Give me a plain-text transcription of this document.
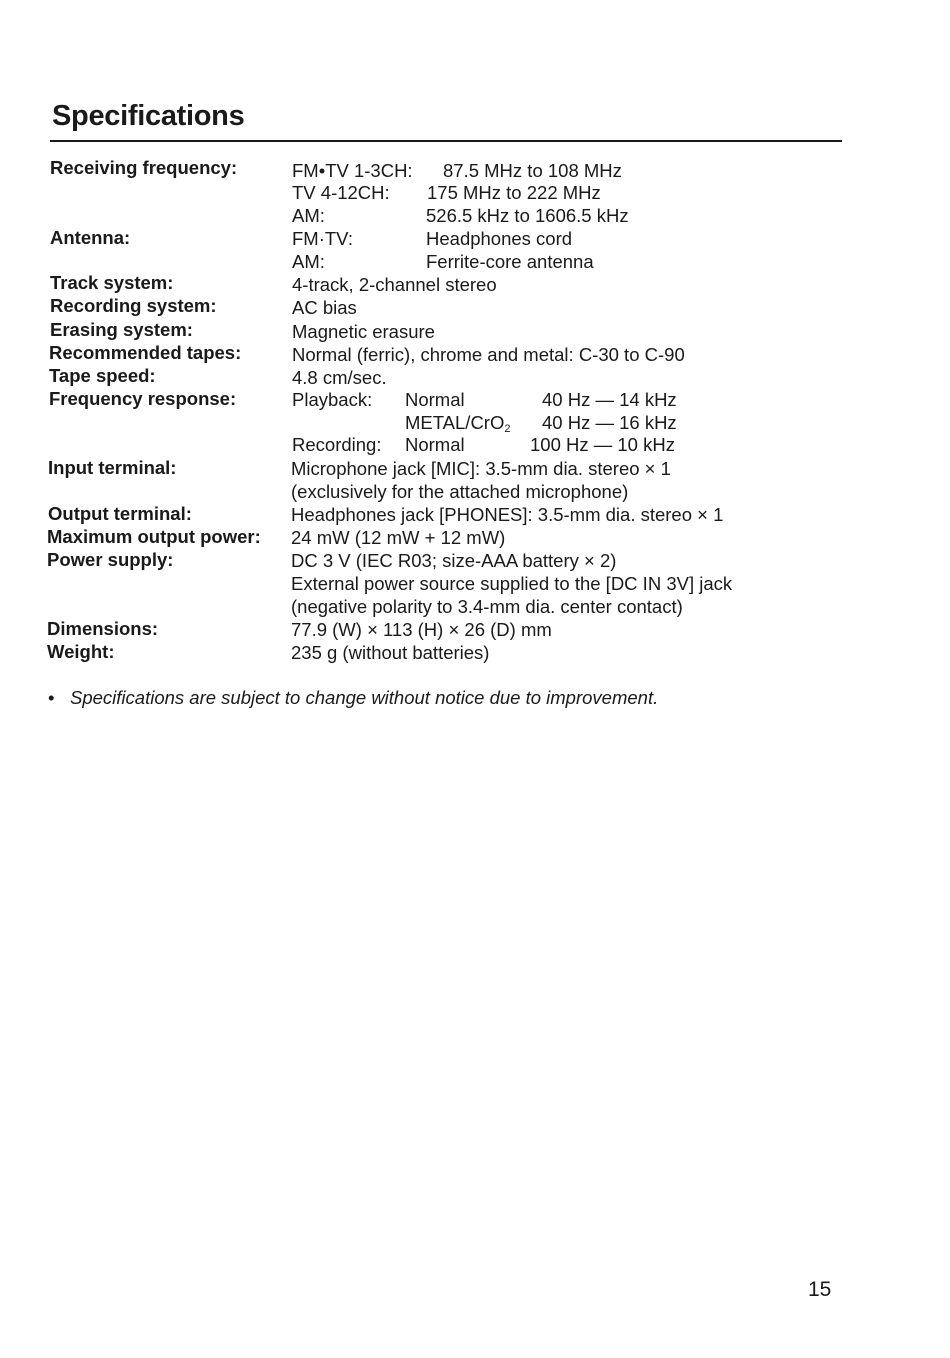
Specifications
Receiving frequency:	FM•TV 1-3CH: 87.5 MHz to 108 MHz
TV 4-12CH: 175 MHz to 222 MHz
AM:	526.5 kHz to 1606.5 kHz
Antenna:	FM·TV:	Headphones cord
AM:	Ferrite-core antenna
Track system:	4-track, 2-channel stereo
Recording system:	AC bias
Erasing system:	Magnetic erasure
Recommended tapes:	Normal (ferric), chrome and metal: C-30 to C-90
Tape speed:	4.8 cm/sec.
Frequency response:	Playback: Normal	40 Hz — 14 kHz
METAL/CrO$_2$ 40 Hz — 16 kHz
Recording: Normal	100 Hz — 10 kHz
Input terminal:	Microphone jack [MIC]: 3.5-mm dia. stereo × 1
(exclusively for the attached microphone)
Output terminal:	Headphones jack [PHONES]: 3.5-mm dia. stereo × 1
Maximum output power: 24 mW (12 mW + 12 mW)
Power supply:	DC 3 V (IEC R03; size-AAA battery × 2)
External power source supplied to the [DC IN 3V] jack
(negative polarity to 3.4-mm dia. center contact)
Dimensions:	77.9 (W) × 113 (H) × 26 (D) mm
Weight:	235 g (without batteries)
• Specifications are subject to change without notice due to improvement.
15
